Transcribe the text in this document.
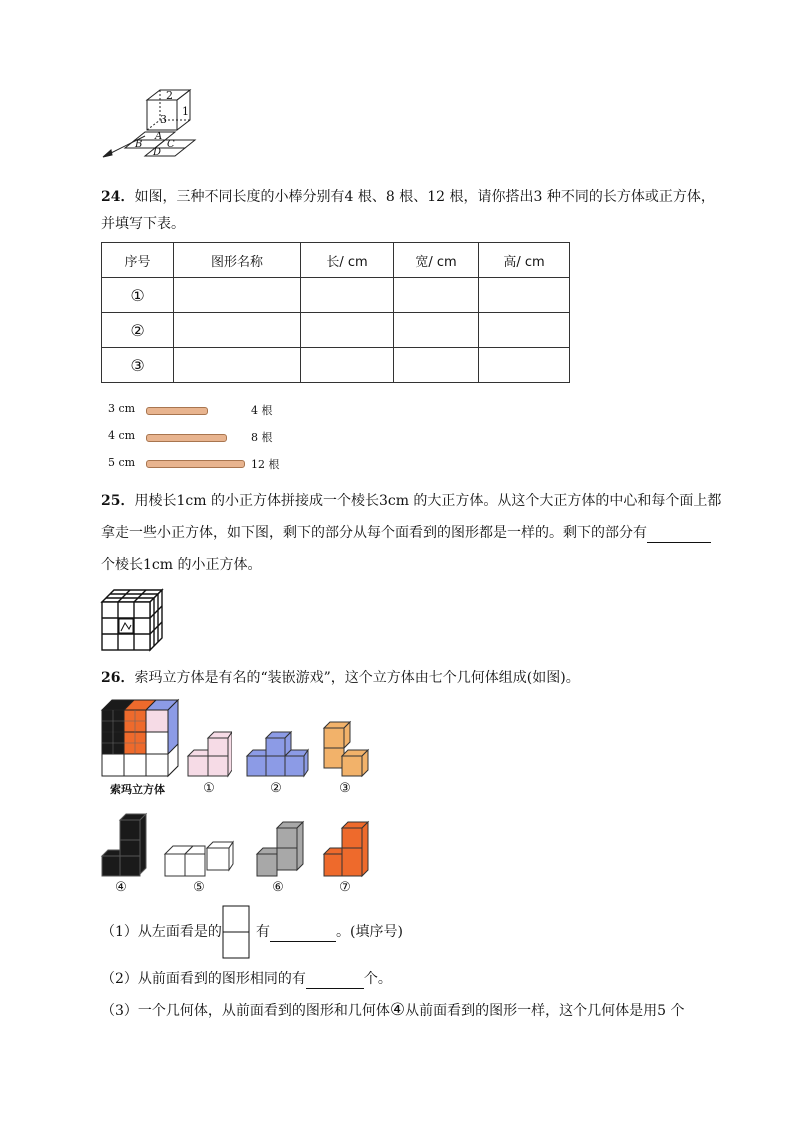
2
1
3
A
B C
D
24．如图，三种不同长度的小棒分别有4 根、8 根、12 根，请你搭出3 种不同的长方体或正方体，
并填写下表。
序号	图形名称	长/ cm	宽/ cm	高/ cm
①				
②				
③				
3 cm	4 根
4 cm	8 根
5 cm	12 根
25．用棱长1cm 的小正方体拼接成一个棱长3cm 的大正方体。从这个大正方体的中心和每个面上都
拿走一些小正方体，如下图，剩下的部分从每个面看到的图形都是一样的。剩下的部分有
个棱长1cm 的小正方体。
26．索玛立方体是有名的“装嵌游戏”，这个立方体由七个几何体组成(如图)。
索玛立方体	①	②	③
④	⑤	⑥	⑦
（1）从左面看是的 有	。(填序号)
（2）从前面看到的图形相同的有	个。
（3）一个几何体，从前面看到的图形和几何体④从前面看到的图形一样，这个几何体是用5 个
